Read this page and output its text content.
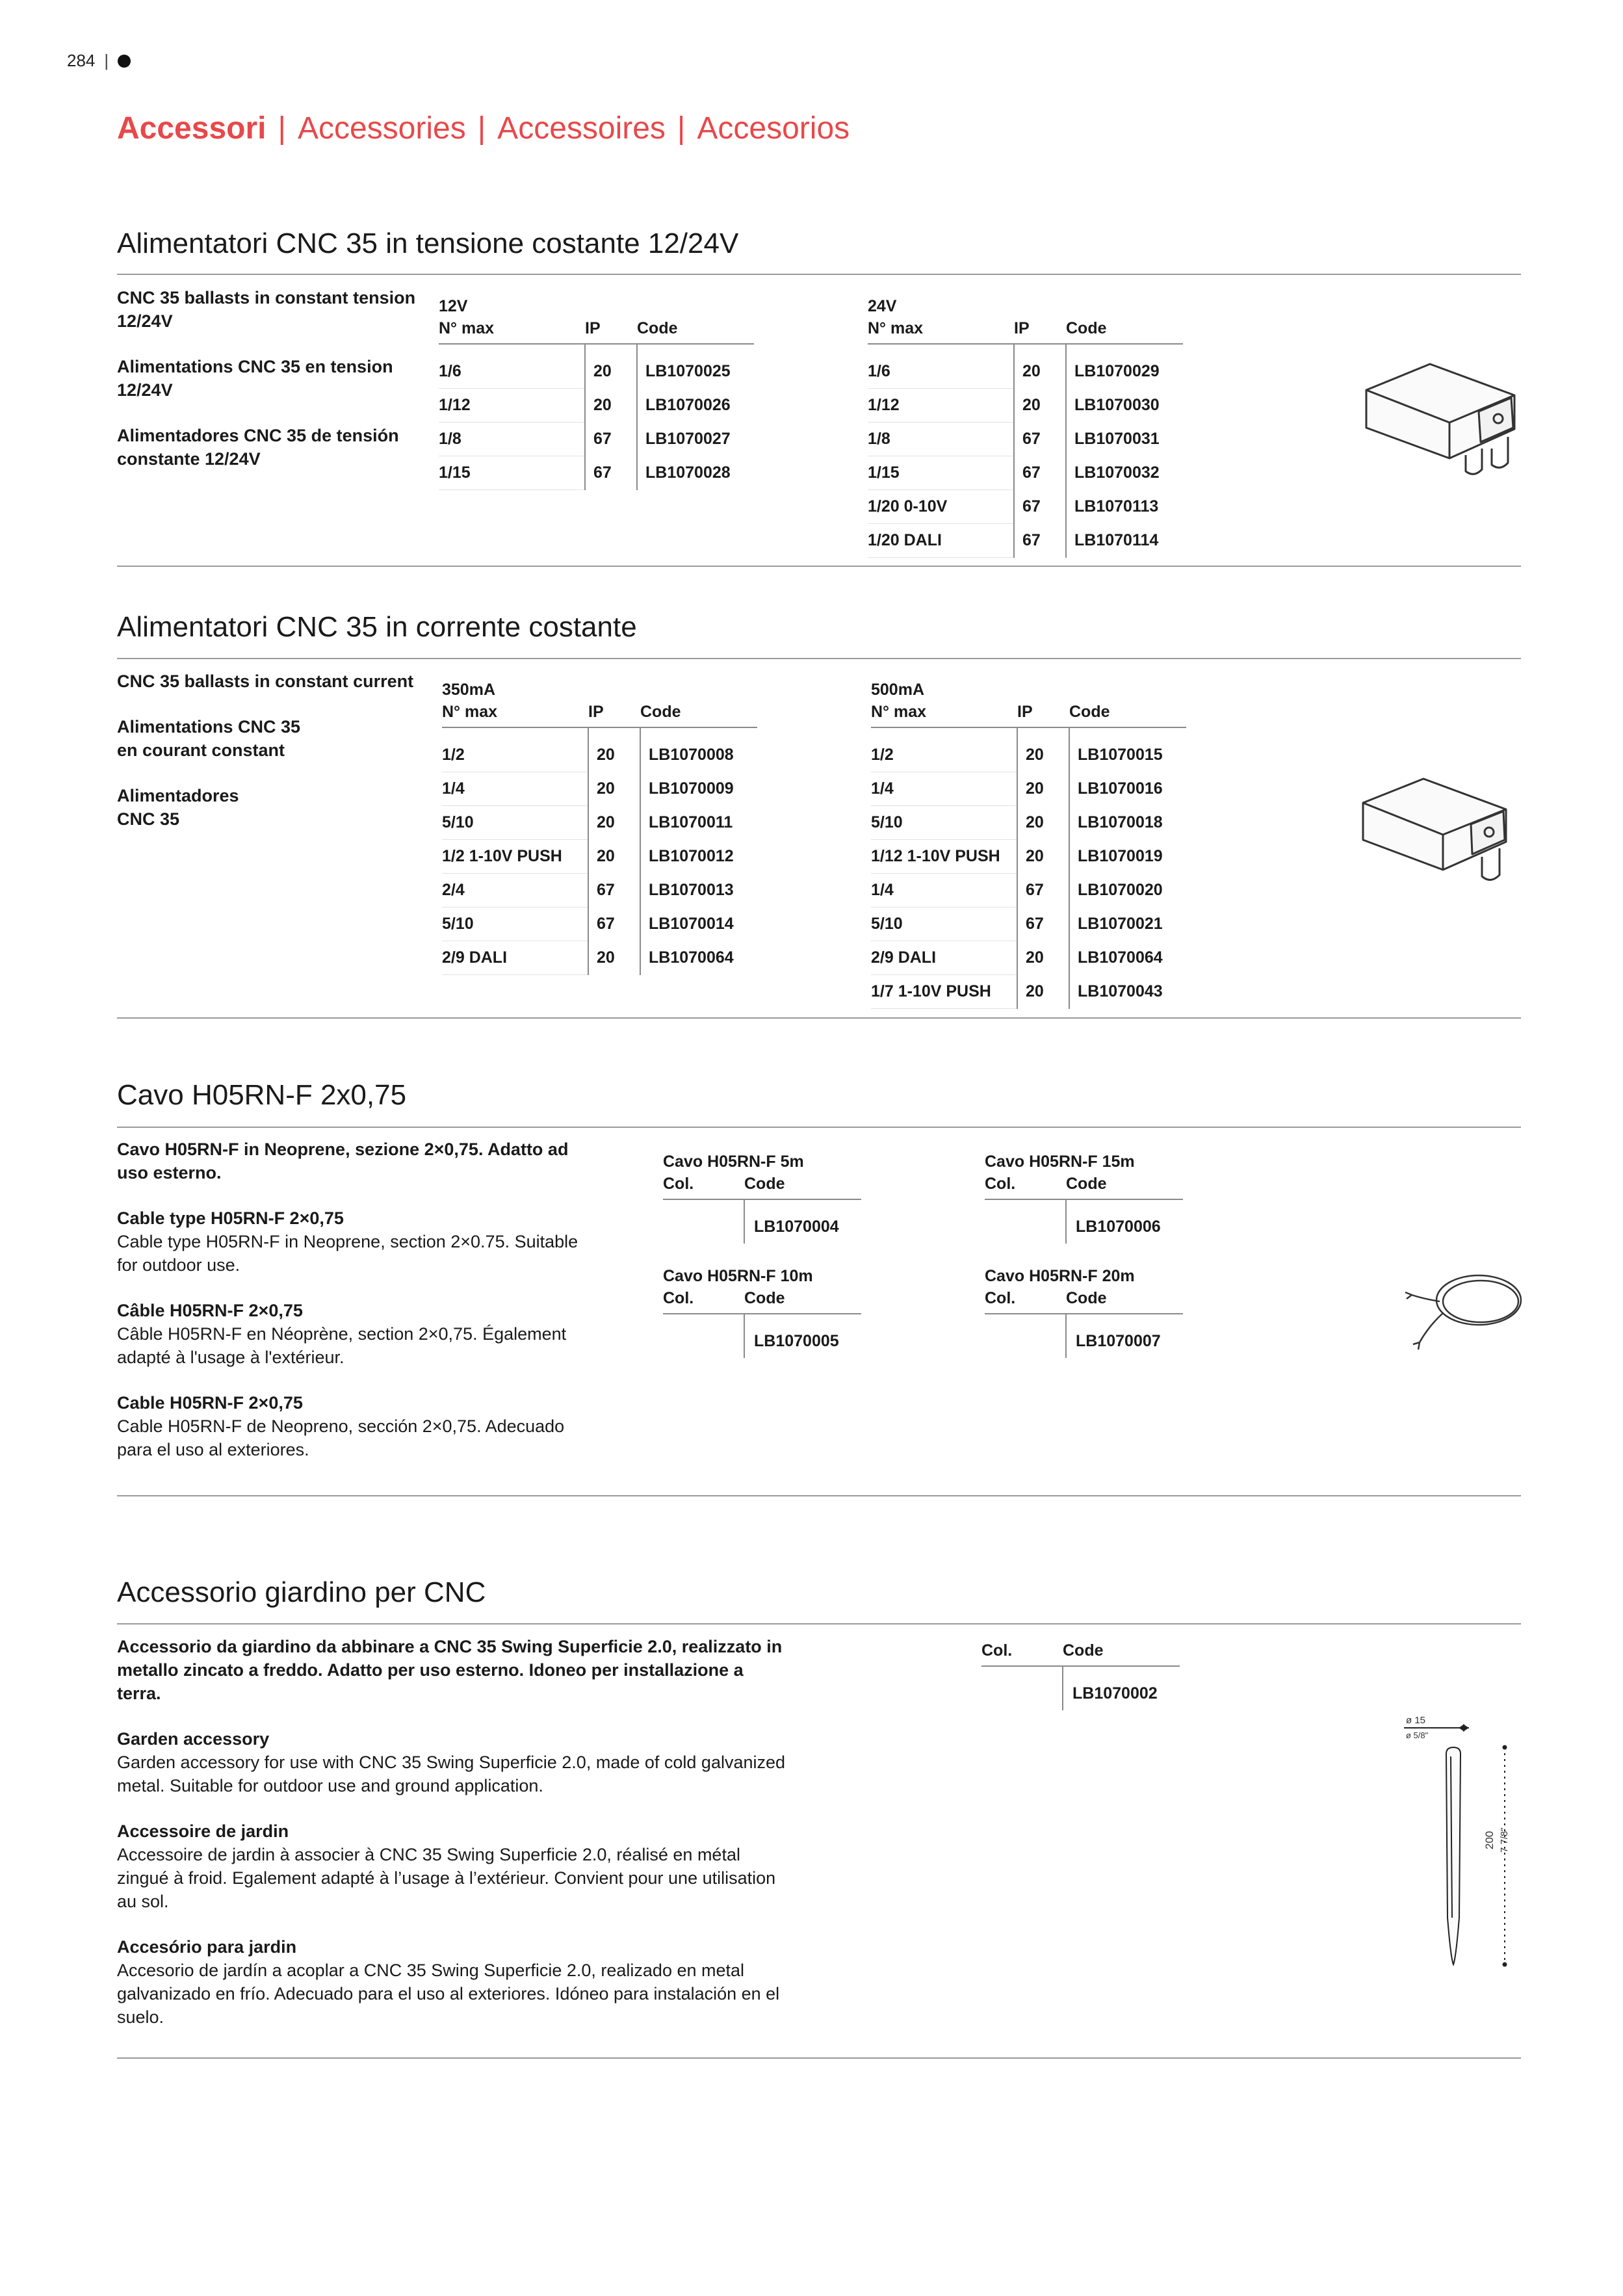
284 |
Accessori | Accessories | Accessoires | Accesorios
Alimentatori CNC 35 in tensione costante 12/24V
CNC 35 ballasts in constant tension 12/24V
Alimentations CNC 35 en tension 12/24V
Alimentadores CNC 35 de tensión constante 12/24V
12V		
N° max	IP	Code
1/6	20	LB1070025
1/12	20	LB1070026
1/8	67	LB1070027
1/15	67	LB1070028
24V		
N° max	IP	Code
1/6	20	LB1070029
1/12	20	LB1070030
1/8	67	LB1070031
1/15	67	LB1070032
1/20 0-10V	67	LB1070113
1/20 DALI	67	LB1070114
Alimentatori CNC 35 in corrente costante
CNC 35 ballasts in constant current
Alimentations CNC 35 en courant constant
Alimentadores CNC 35
350mA		
N° max	IP	Code
1/2	20	LB1070008
1/4	20	LB1070009
5/10	20	LB1070011
1/2 1-10V PUSH	20	LB1070012
2/4	67	LB1070013
5/10	67	LB1070014
2/9 DALI	20	LB1070064
500mA		
N° max	IP	Code
1/2	20	LB1070015
1/4	20	LB1070016
5/10	20	LB1070018
1/12 1-10V PUSH	20	LB1070019
1/4	67	LB1070020
5/10	67	LB1070021
2/9 DALI	20	LB1070064
1/7 1-10V PUSH	20	LB1070043
Cavo H05RN-F 2x0,75
Cavo H05RN-F in Neoprene, sezione 2×0,75. Adatto ad uso esterno.
Cable type H05RN-F 2×0,75
Cable type H05RN-F in Neoprene, section 2×0.75. Suitable for outdoor use.
Câble H05RN-F 2×0,75
Câble H05RN-F en Néoprène, section 2×0,75. Également adapté à l'usage à l'extérieur.
Cable H05RN-F 2×0,75
Cable H05RN-F de Neopreno, sección 2×0,75. Adecuado para el uso al exteriores.
Cavo H05RN-F 5m	
Col.	Code
	LB1070004
Cavo H05RN-F 15m	
Col.	Code
	LB1070006
Cavo H05RN-F 10m	
Col.	Code
	LB1070005
Cavo H05RN-F 20m	
Col.	Code
	LB1070007
Accessorio giardino per CNC
Accessorio da giardino da abbinare a CNC 35 Swing Superficie 2.0, realizzato in metallo zincato a freddo. Adatto per uso esterno. Idoneo per installazione a terra.
Garden accessory
Garden accessory for use with CNC 35 Swing Superficie 2.0, made of cold galvanized metal. Suitable for outdoor use and ground application.
Accessoire de jardin
Accessoire de jardin à associer à CNC 35 Swing Superficie 2.0, réalisé en métal zingué à froid. Egalement adapté à l’usage à l’extérieur. Convient pour une utilisation au sol.
Accesório para jardin
Accesorio de jardín a acoplar a CNC 35 Swing Superficie 2.0, realizado en metal galvanizado en frío. Adecuado para el uso al exteriores. Idóneo para instalación en el suelo.
Col.	Code
	LB1070002
ø 15
ø 5/8"
200 7 7/8"
